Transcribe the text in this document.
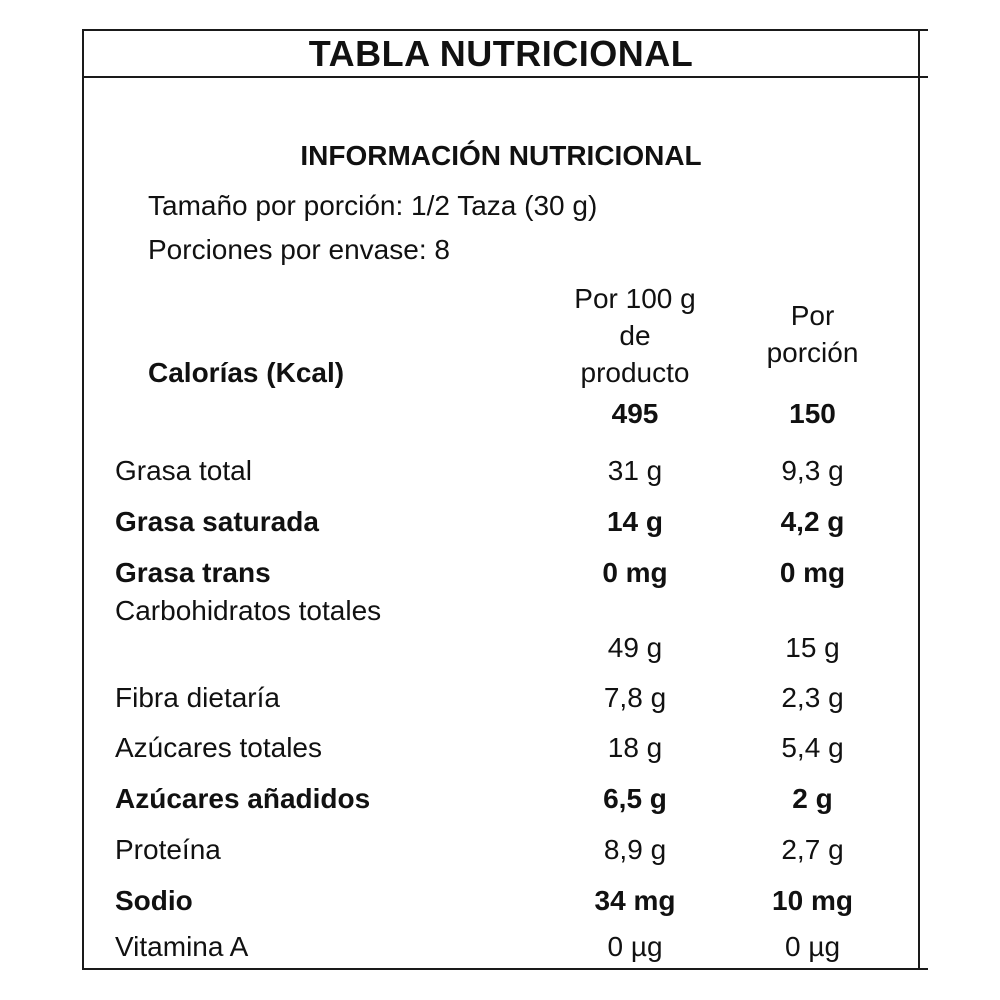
TABLA NUTRICIONAL
INFORMACIÓN NUTRICIONAL
Tamaño por porción: 1/2 Taza (30 g)
Porciones por envase: 8
Por 100 g
de
producto
Por
porción
Calorías (Kcal)
495	150
Grasa total	31 g	9,3 g
Grasa saturada	14 g	4,2 g
Grasa trans	0 mg	0 mg
Carbohidratos totales
49 g	15 g
Fibra dietaría	7,8 g	2,3 g
Azúcares totales	18 g	5,4 g
Azúcares añadidos	6,5 g	2 g
Proteína	8,9 g	2,7 g
Sodio	34 mg	10 mg
Vitamina A	0 µg	0 µg
